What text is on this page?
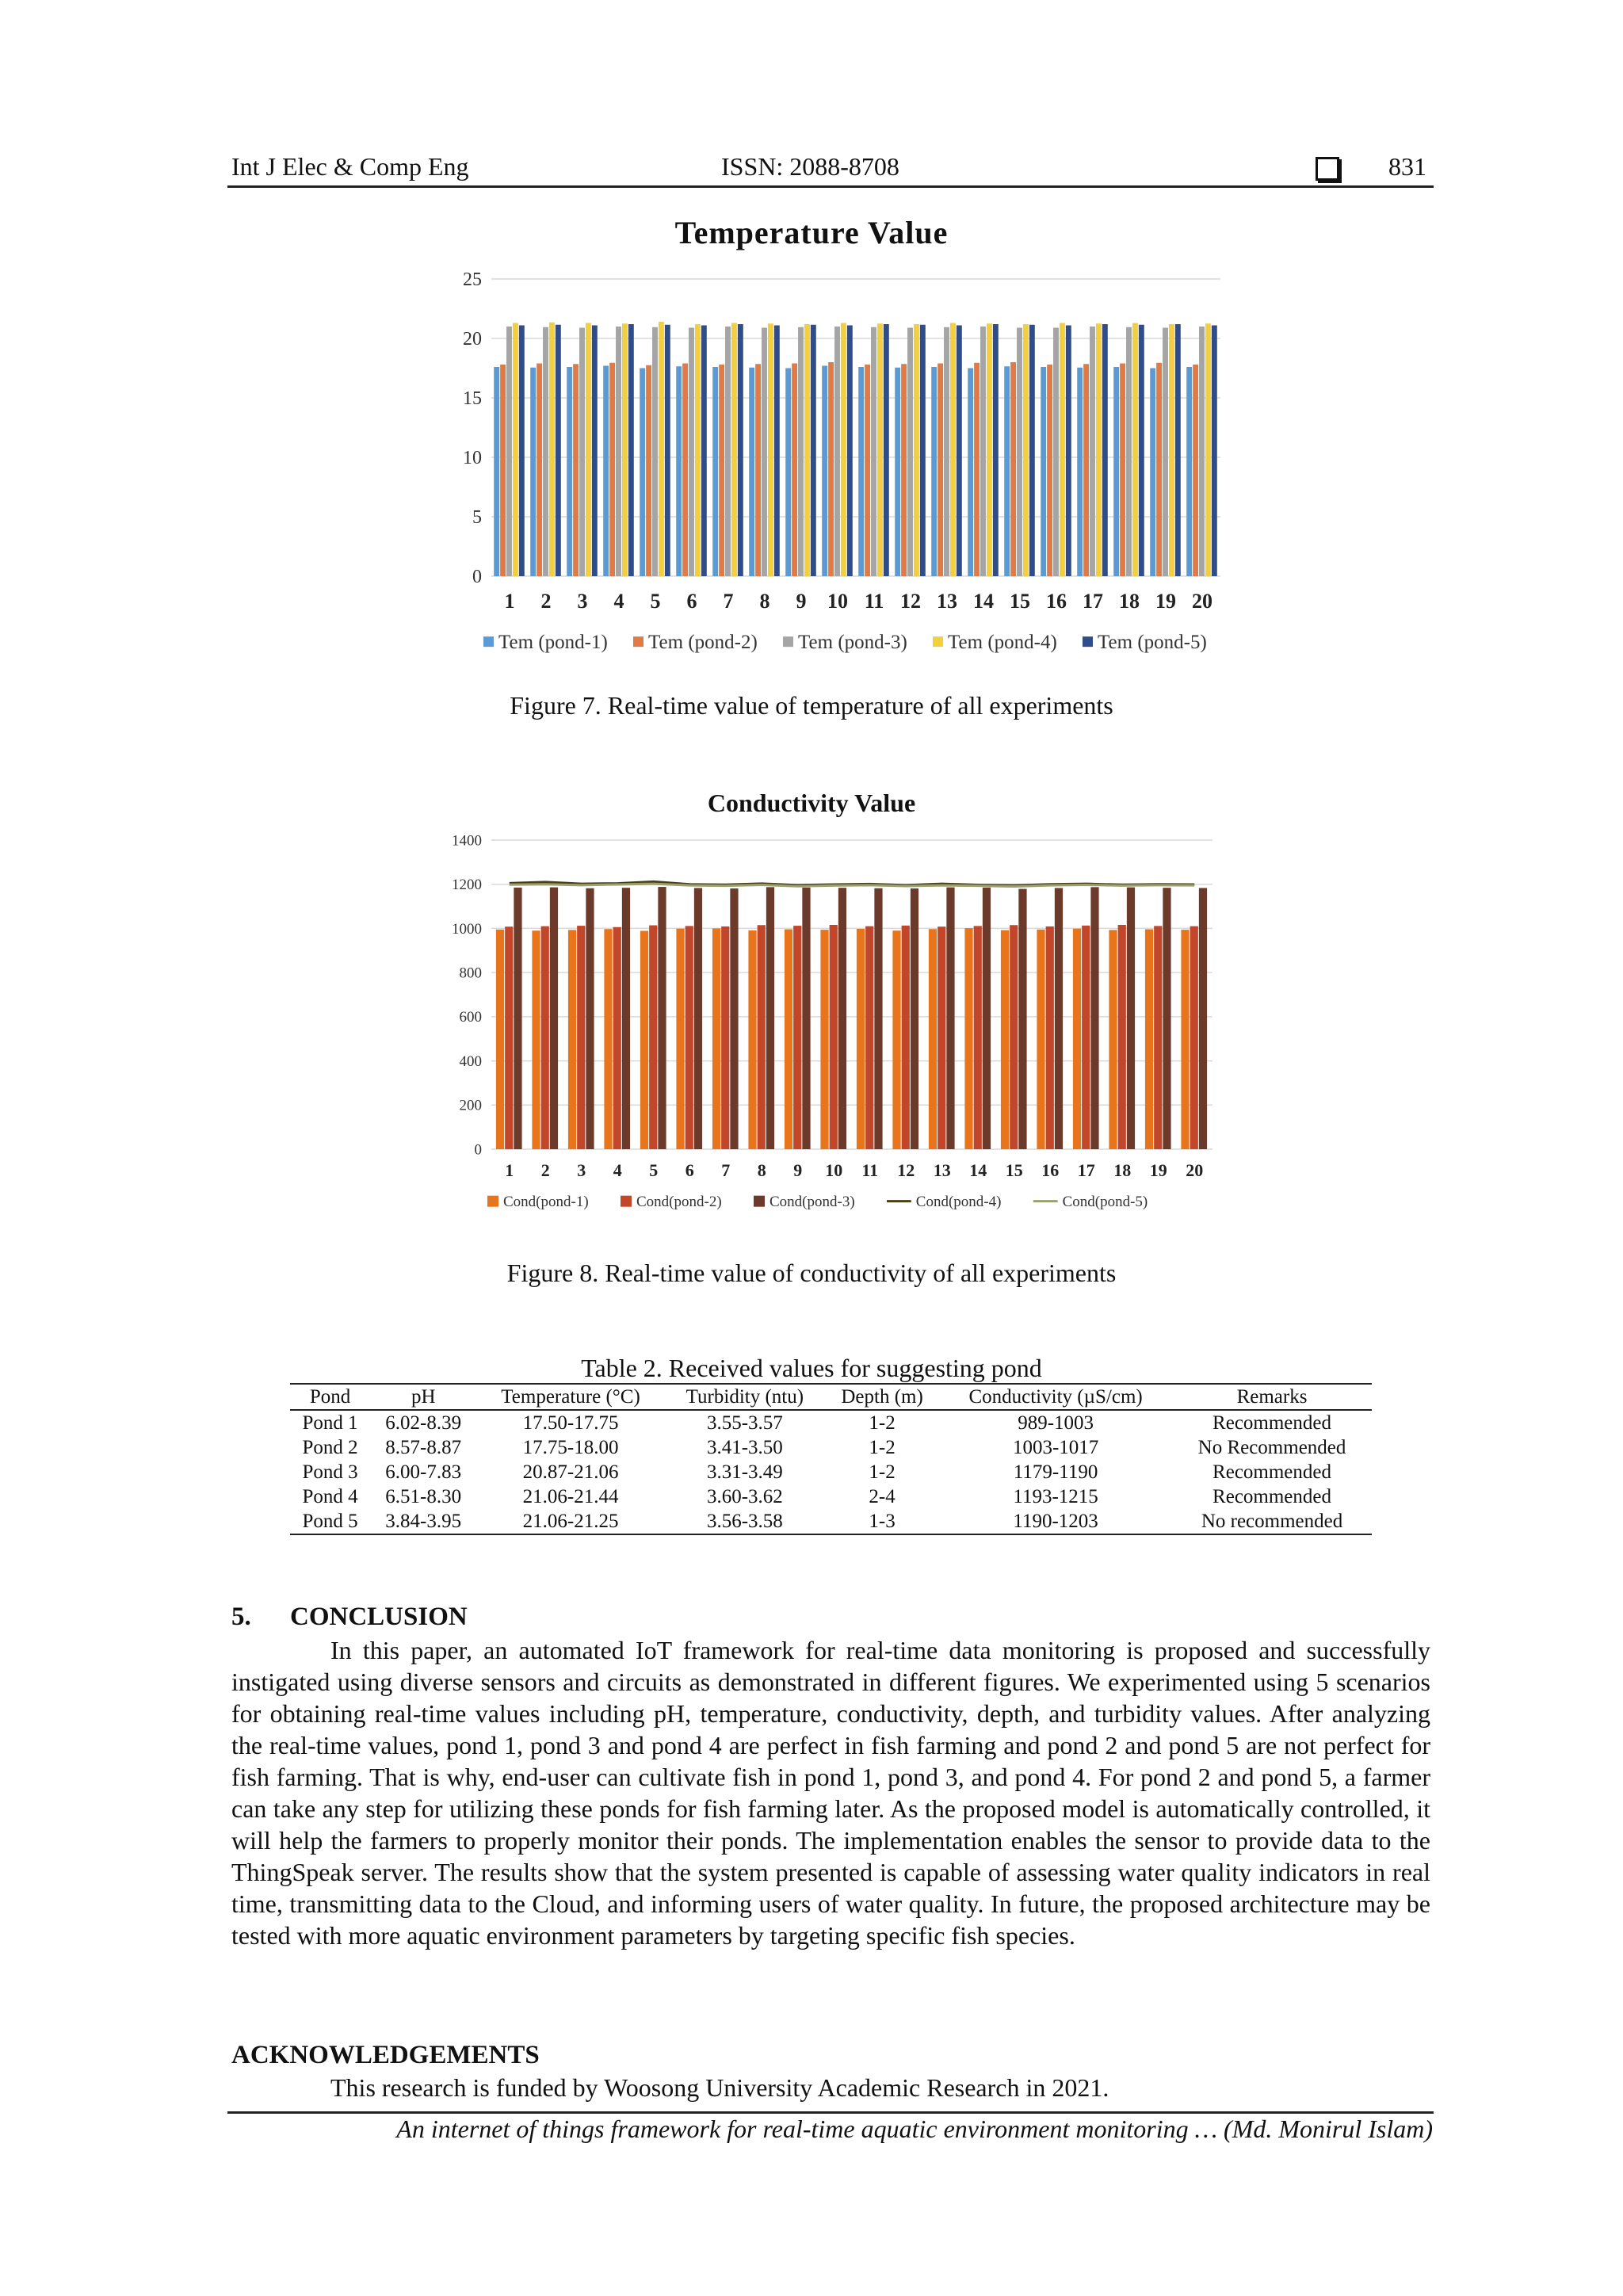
Int J Elec & Comp Eng	ISSN: 2088-8708	831
Temperature Value
0
5
10
15
20
25
1 2 3 4 5 6 7 8 9 10 11 12 13 14 15 16 17 18 19 20
Tem (pond-1) Tem (pond-2) Tem (pond-3) Tem (pond-4) Tem (pond-5)
Figure 7. Real-time value of temperature of all experiments
Conductivity Value
0
200
400
600
800
1000
1200
1400
1 2 3 4 5 6 7 8 9 10 11 12 13 14 15 16 17 18 19 20
Cond(pond-1)	Cond(pond-2)	Cond(pond-3)	Cond(pond-4)	Cond(pond-5)
Figure 8. Real-time value of conductivity of all experiments
Table 2. Received values for suggesting pond
Pond	pH	Temperature (°C)	Turbidity (ntu)	Depth (m)	Conductivity (µS/cm)	Remarks
Pond 1	6.02-8.39	17.50-17.75	3.55-3.57	1-2	989-1003	Recommended
Pond 2	8.57-8.87	17.75-18.00	3.41-3.50	1-2	1003-1017	No Recommended
Pond 3	6.00-7.83	20.87-21.06	3.31-3.49	1-2	1179-1190	Recommended
Pond 4	6.51-8.30	21.06-21.44	3.60-3.62	2-4	1193-1215	Recommended
Pond 5	3.84-3.95	21.06-21.25	3.56-3.58	1-3	1190-1203	No recommended
5. CONCLUSION
In this paper, an automated IoT framework for real-time data monitoring is proposed and successfully instigated using diverse sensors and circuits as demonstrated in different figures. We experimented using 5 scenarios for obtaining real-time values including pH, temperature, conductivity, depth, and turbidity values. After analyzing the real-time values, pond 1, pond 3 and pond 4 are perfect in fish farming and pond 2 and pond 5 are not perfect for fish farming. That is why, end-user can cultivate fish in pond 1, pond 3, and pond 4. For pond 2 and pond 5, a farmer can take any step for utilizing these ponds for fish farming later. As the proposed model is automatically controlled, it will help the farmers to properly monitor their ponds. The implementation enables the sensor to provide data to the ThingSpeak server. The results show that the system presented is capable of assessing water quality indicators in real time, transmitting data to the Cloud, and informing users of water quality. In future, the proposed architecture may be tested with more aquatic environment parameters by targeting specific fish species.
ACKNOWLEDGEMENTS
This research is funded by Woosong University Academic Research in 2021.
An internet of things framework for real-time aquatic environment monitoring … (Md. Monirul Islam)
